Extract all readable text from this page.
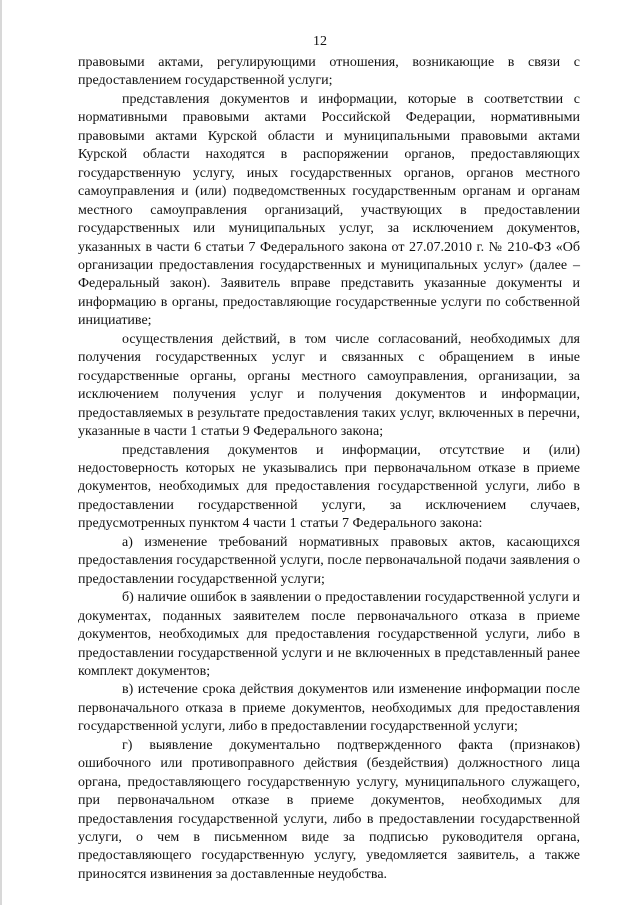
12

правовыми актами, регулирующими отношения, возникающие в связи с предоставлением государственной услуги;

представления документов и информации, которые в соответствии с нормативными правовыми актами Российской Федерации, нормативными правовыми актами Курской области и муниципальными правовыми актами Курской области находятся в распоряжении органов, предоставляющих государственную услугу, иных государственных органов, органов местного самоуправления и (или) подведомственных государственным органам и органам местного самоуправления организаций, участвующих в предоставлении государственных или муниципальных услуг, за исключением документов, указанных в части 6 статьи 7 Федерального закона от 27.07.2010 г. № 210-ФЗ «Об организации предоставления государственных и муниципальных услуг» (далее – Федеральный закон). Заявитель вправе представить указанные документы и информацию в органы, предоставляющие государственные услуги по собственной инициативе;

осуществления действий, в том числе согласований, необходимых для получения государственных услуг и связанных с обращением в иные государственные органы, органы местного самоуправления, организации, за исключением получения услуг и получения документов и информации, предоставляемых в результате предоставления таких услуг, включенных в перечни, указанные в части 1 статьи 9 Федерального закона;

представления документов и информации, отсутствие и (или) недостоверность которых не указывались при первоначальном отказе в приеме документов, необходимых для предоставления государственной услуги, либо в предоставлении государственной услуги, за исключением случаев, предусмотренных пунктом 4 части 1 статьи 7 Федерального закона:

а) изменение требований нормативных правовых актов, касающихся предоставления государственной услуги, после первоначальной подачи заявления о предоставлении государственной услуги;

б) наличие ошибок в заявлении о предоставлении государственной услуги и документах, поданных заявителем после первоначального отказа в приеме документов, необходимых для предоставления государственной услуги, либо в предоставлении государственной услуги и не включенных в представленный ранее комплект документов;

в) истечение срока действия документов или изменение информации после первоначального отказа в приеме документов, необходимых для предоставления государственной услуги, либо в предоставлении государственной услуги;

г) выявление документально подтвержденного факта (признаков) ошибочного или противоправного действия (бездействия) должностного лица органа, предоставляющего государственную услугу, муниципального служащего, при первоначальном отказе в приеме документов, необходимых для предоставления государственной услуги, либо в предоставлении государственной услуги, о чем в письменном виде за подписью руководителя органа, предоставляющего государственную услугу, уведомляется заявитель, а также приносятся извинения за доставленные неудобства.
